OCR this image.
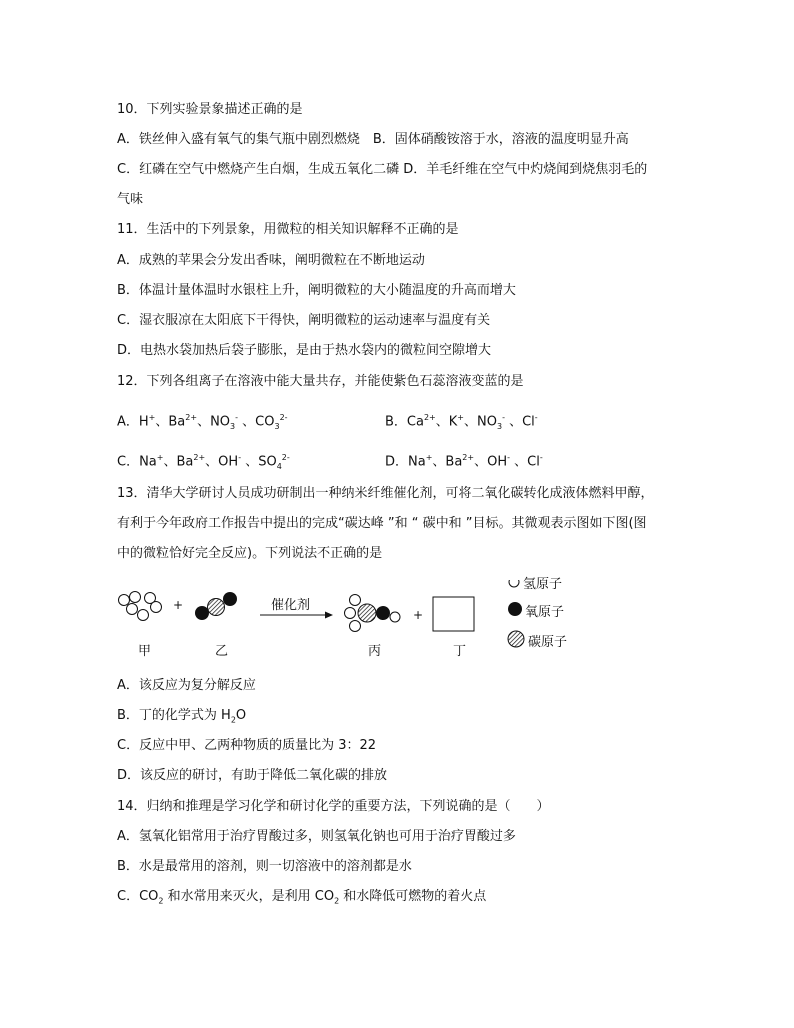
10．下列实验景象描述正确的是
A．铁丝伸入盛有氧气的集气瓶中剧烈燃烧　B．固体硝酸铵溶于水，溶液的温度明显升高
C．红磷在空气中燃烧产生白烟，生成五氧化二磷 D．羊毛纤维在空气中灼烧闻到烧焦羽毛的
气味
11．生活中的下列景象，用微粒的相关知识解释不正确的是
A．成熟的苹果会分发出香味，阐明微粒在不断地运动
B．体温计量体温时水银柱上升，阐明微粒的大小随温度的升高而增大
C．湿衣服凉在太阳底下干得快，阐明微粒的运动速率与温度有关
D．电热水袋加热后袋子膨胀，是由于热水袋内的微粒间空隙增大
12．下列各组离子在溶液中能大量共存，并能使紫色石蕊溶液变蓝的是
A．H+、$Ba^{2+}$、$NO_3^-$ 、$CO_3^{2-}$	B．$Ca^{2+}$、K+、$NO_3^-$ 、Cl-
C．Na+、$Ba^{2+}$、OH- 、$SO_4^{2-}$	D．Na+、$Ba^{2+}$、OH- 、Cl-
13．清华大学研讨人员成功研制出一种纳米纤维催化剂，可将二氧化碳转化成液体燃料甲醇，
有利于今年政府工作报告中提出的完成“碳达峰 ”和 “ 碳中和 ”目标。其微观表示图如下图(图
中的微粒恰好完全反应)。下列说法不正确的是
+	催化剂
+
甲	乙	丙	丁
氢原子
氧原子
碳原子
A．该反应为复分解反应
B．丁的化学式为 $H_2O$
C．反应中甲、乙两种物质的质量比为 3：22
D．该反应的研讨，有助于降低二氧化碳的排放
14．归纳和推理是学习化学和研讨化学的重要方法，下列说确的是（　　）
A．氢氧化铝常用于治疗胃酸过多，则氢氧化钠也可用于治疗胃酸过多
B．水是最常用的溶剂，则一切溶液中的溶剂都是水
C．$CO_2$ 和水常用来灭火，是利用 $CO_2$ 和水降低可燃物的着火点
